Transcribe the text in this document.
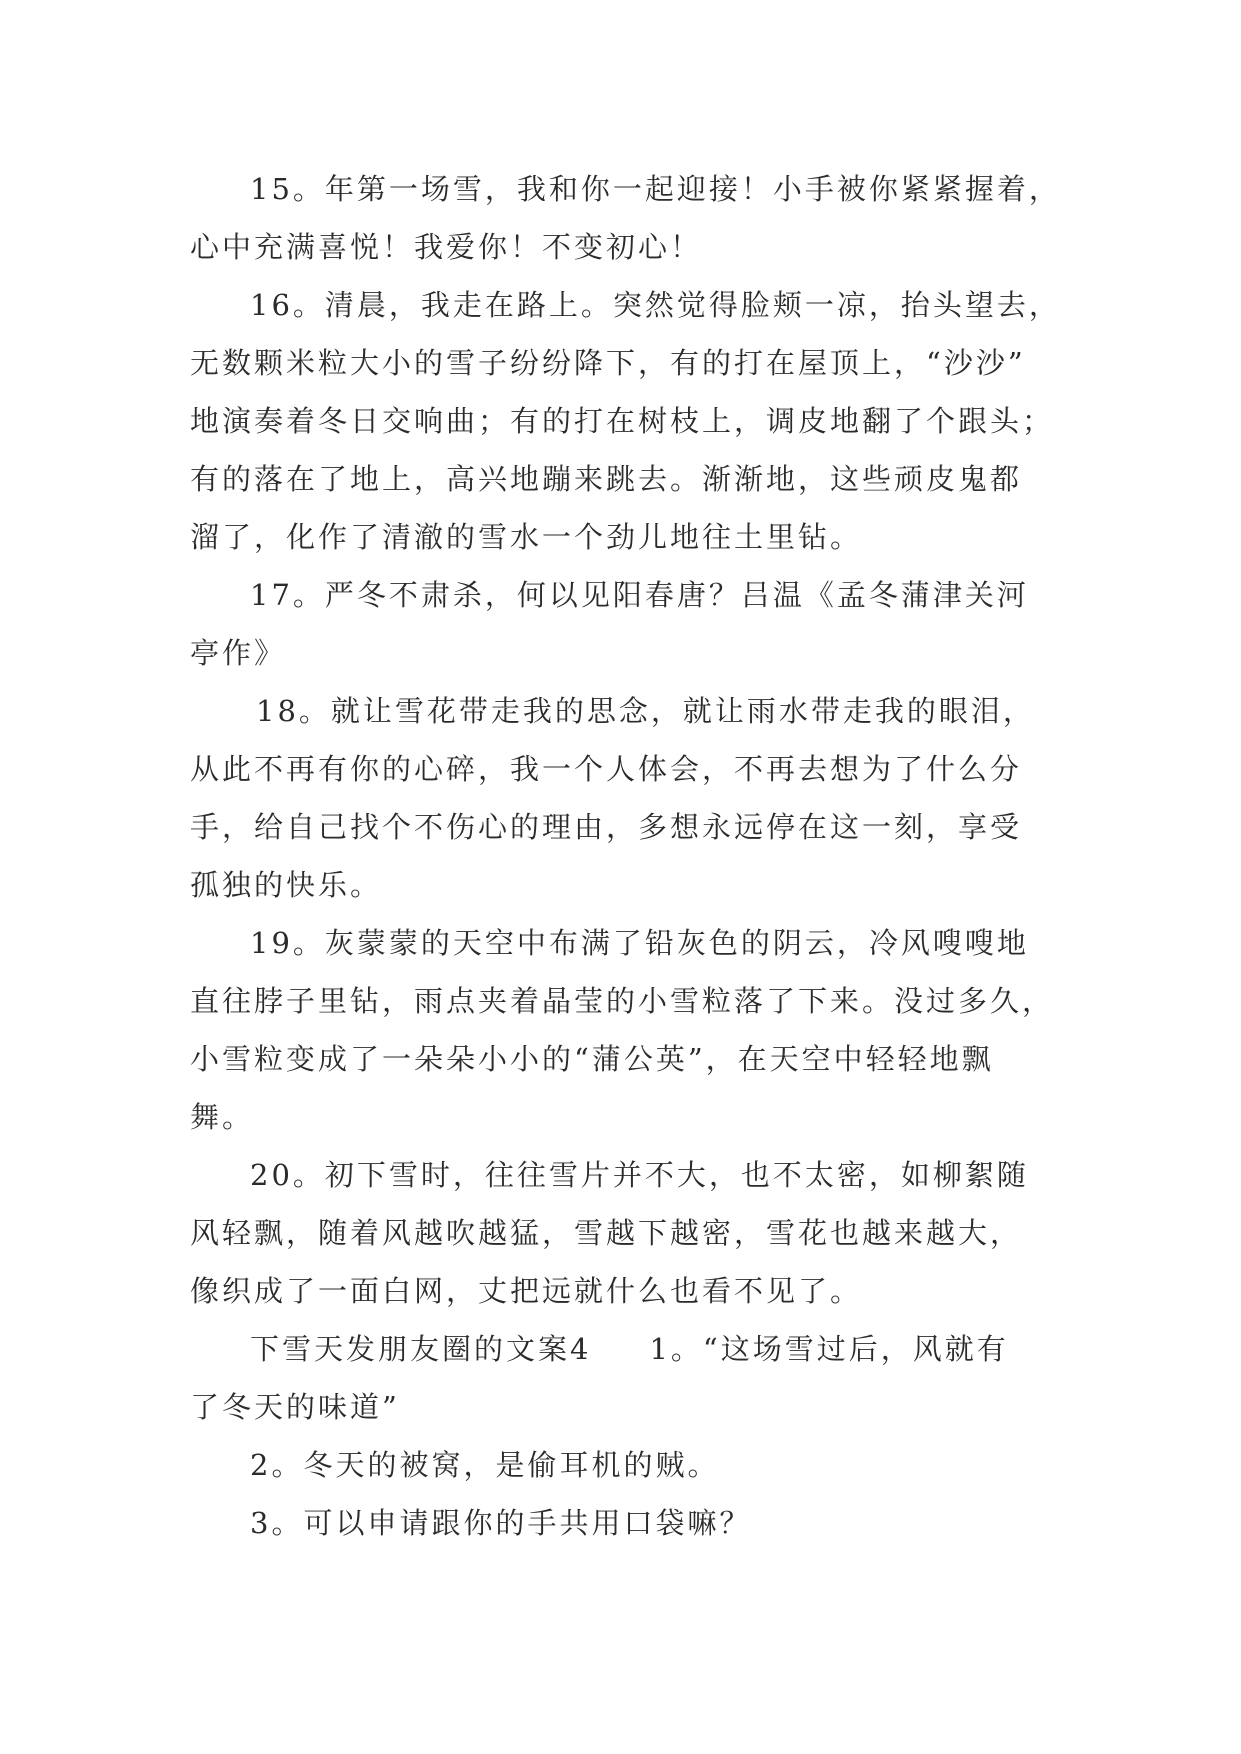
15。年第一场雪，我和你一起迎接！小手被你紧紧握着，
心中充满喜悦！我爱你！不变初心！
16。清晨，我走在路上。突然觉得脸颊一凉，抬头望去，
无数颗米粒大小的雪子纷纷降下，有的打在屋顶上，“沙沙”
地演奏着冬日交响曲；有的打在树枝上，调皮地翻了个跟头；
有的落在了地上，高兴地蹦来跳去。渐渐地，这些顽皮鬼都
溜了，化作了清澈的雪水一个劲儿地往土里钻。
17。严冬不肃杀，何以见阳春唐？吕温《孟冬蒲津关河
亭作》
18。就让雪花带走我的思念，就让雨水带走我的眼泪，
从此不再有你的心碎，我一个人体会，不再去想为了什么分
手，给自己找个不伤心的理由，多想永远停在这一刻，享受
孤独的快乐。
19。灰蒙蒙的天空中布满了铅灰色的阴云，冷风嗖嗖地
直往脖子里钻，雨点夹着晶莹的小雪粒落了下来。没过多久，
小雪粒变成了一朵朵小小的“蒲公英”，在天空中轻轻地飘
舞。
20。初下雪时，往往雪片并不大，也不太密，如柳絮随
风轻飘，随着风越吹越猛，雪越下越密，雪花也越来越大，
像织成了一面白网，丈把远就什么也看不见了。
下雪天发朋友圈的文案4 1。“这场雪过后，风就有
了冬天的味道”
2。冬天的被窝，是偷耳机的贼。
3。可以申请跟你的手共用口袋嘛？
